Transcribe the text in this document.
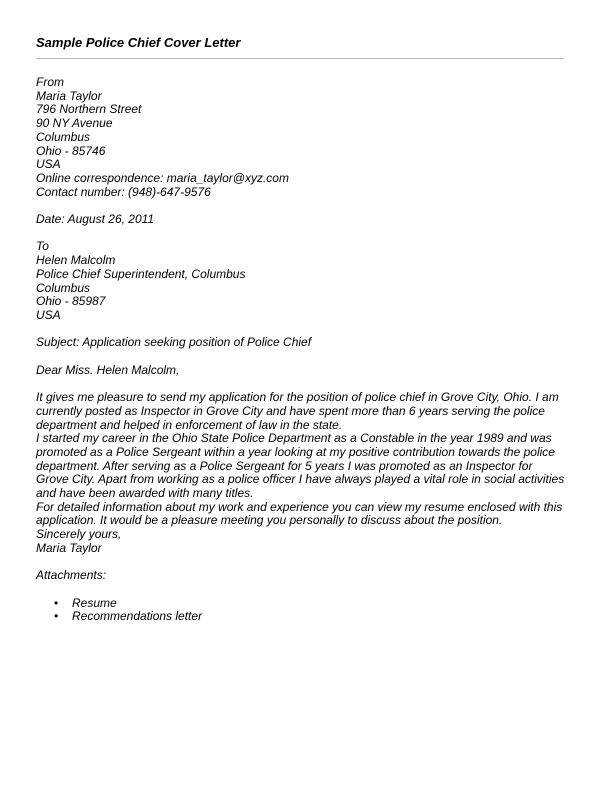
Sample Police Chief Cover Letter
From
Maria Taylor
796 Northern Street
90 NY Avenue
Columbus
Ohio - 85746
USA
Online correspondence: maria_taylor@xyz.com
Contact number: (948)-647-9576
Date: August 26, 2011
To
Helen Malcolm
Police Chief Superintendent, Columbus
Columbus
Ohio - 85987
USA
Subject: Application seeking position of Police Chief
Dear Miss. Helen Malcolm,

It gives me pleasure to send my application for the position of police chief in Grove City, Ohio. I am currently posted as Inspector in Grove City and have spent more than 6 years serving the police department and helped in enforcement of law in the state.

I started my career in the Ohio State Police Department as a Constable in the year 1989 and was promoted as a Police Sergeant within a year looking at my positive contribution towards the police department. After serving as a Police Sergeant for 5 years I was promoted as an Inspector for Grove City. Apart from working as a police officer I have always played a vital role in social activities and have been awarded with many titles.

For detailed information about my work and experience you can view my resume enclosed with this application. It would be a pleasure meeting you personally to discuss about the position.

Sincerely yours,
Maria Taylor
Attachments:
• Resume
• Recommendations letter
